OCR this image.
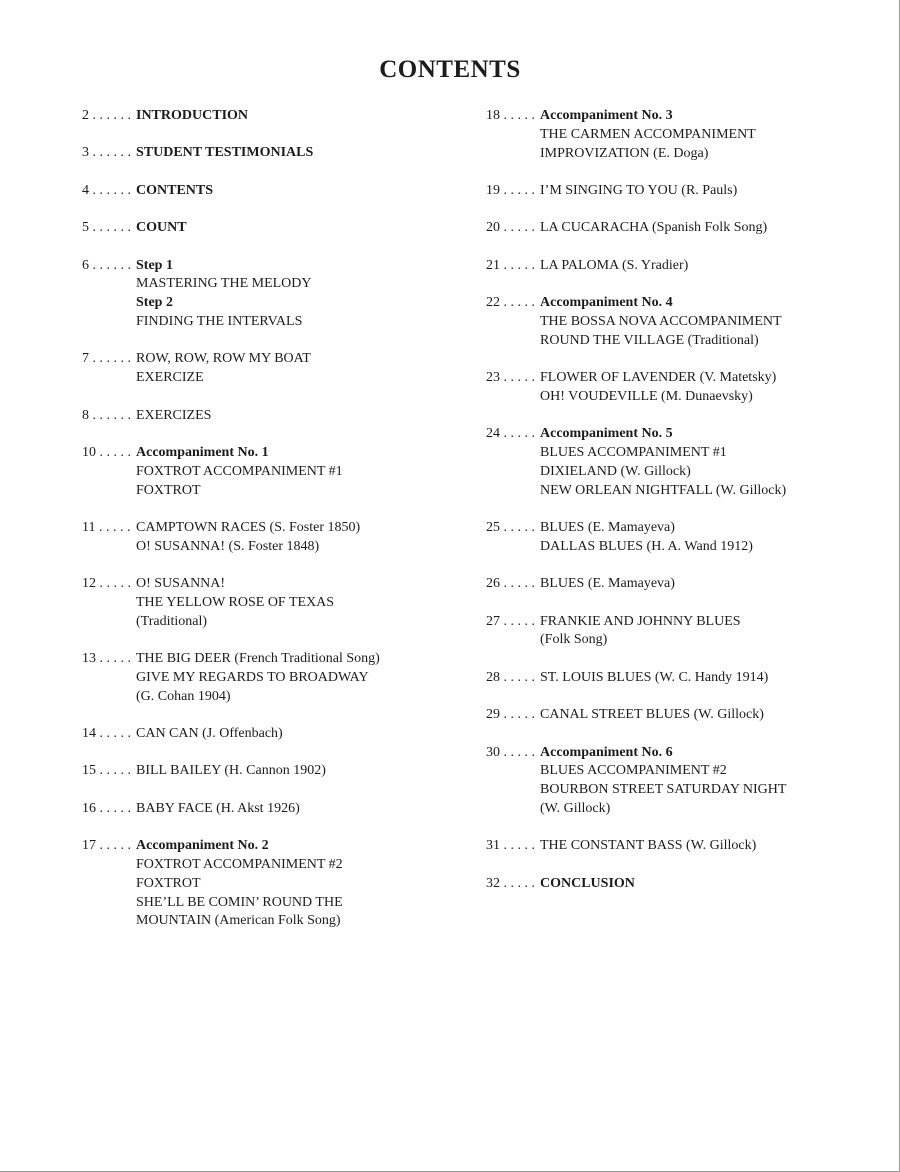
CONTENTS
2 . . . . . . INTRODUCTION
3 . . . . . . STUDENT TESTIMONIALS
4 . . . . . . CONTENTS
5 . . . . . . COUNT
6 . . . . . . Step 1
MASTERING THE MELODY
Step 2
FINDING THE INTERVALS
7 . . . . . . ROW, ROW, ROW MY BOAT
EXERCIZE
8 . . . . . . EXERCIZES
10 . . . . . Accompaniment No. 1
FOXTROT ACCOMPANIMENT #1
FOXTROT
11 . . . . . CAMPTOWN RACES (S. Foster 1850)
O! SUSANNA! (S. Foster 1848)
12 . . . . . O! SUSANNA!
THE YELLOW ROSE OF TEXAS
(Traditional)
13 . . . . . THE BIG DEER (French Traditional Song)
GIVE MY REGARDS TO BROADWAY
(G. Cohan 1904)
14 . . . . . CAN CAN (J. Offenbach)
15 . . . . . BILL BAILEY (H. Cannon 1902)
16 . . . . . BABY FACE (H. Akst 1926)
17 . . . . . Accompaniment No. 2
FOXTROT ACCOMPANIMENT #2
FOXTROT
SHE’LL BE COMIN’ ROUND THE
MOUNTAIN (American Folk Song)
18 . . . . . Accompaniment No. 3
THE CARMEN ACCOMPANIMENT
IMPROVIZATION (E. Doga)
19 . . . . . I’M SINGING TO YOU (R. Pauls)
20 . . . . . LA CUCARACHA (Spanish Folk Song)
21 . . . . . LA PALOMA (S. Yradier)
22 . . . . . Accompaniment No. 4
THE BOSSA NOVA ACCOMPANIMENT
ROUND THE VILLAGE (Traditional)
23 . . . . . FLOWER OF LAVENDER (V. Matetsky)
OH! VOUDEVILLE (M. Dunaevsky)
24 . . . . . Accompaniment No. 5
BLUES ACCOMPANIMENT #1
DIXIELAND (W. Gillock)
NEW ORLEAN NIGHTFALL (W. Gillock)
25 . . . . . BLUES (E. Mamayeva)
DALLAS BLUES (H. A. Wand 1912)
26 . . . . . BLUES (E. Mamayeva)
27 . . . . . FRANKIE AND JOHNNY BLUES
(Folk Song)
28 . . . . . ST. LOUIS BLUES (W. C. Handy 1914)
29 . . . . . CANAL STREET BLUES (W. Gillock)
30 . . . . . Accompaniment No. 6
BLUES ACCOMPANIMENT #2
BOURBON STREET SATURDAY NIGHT
(W. Gillock)
31 . . . . . THE CONSTANT BASS (W. Gillock)
32 . . . . . CONCLUSION
